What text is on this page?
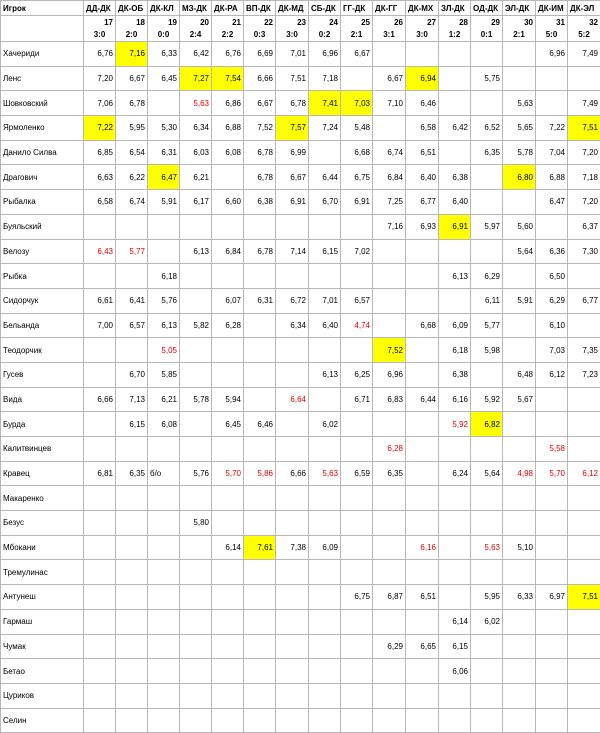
Игрок	ДД-ДК	ДК-ОБ	ДК-КЛ	МЗ-ДК	ДК-РА	ВП-ДК	ДК-МД	СБ-ДК	ГГ-ДК	ДК-ГГ	ДК-МХ	ЗЛ-ДК	ОД-ДК	ЭЛ-ДК	ДК-ИМ	ДК-ЭЛ
	17	18	19	20	21	22	23	24	25	26	27	28	29	30	31	32
	3:0	2:0	0:0	2:4	2:2	0:3	3:0	0:2	2:1	3:1	3:0	1:2	0:1	2:1	5:0	5:2
Хачериди	6,76	7,16	6,33	6,42	6,76	6,69	7,01	6,96	6,67						6,96	7,49
Ленс	7,20	6,67	6,45	7,27	7,54	6,66	7,51	7,18		6,67	6,94		5,75			
Шовковский	7,06	6,78		5,63	6,86	6,67	6,78	7,41	7,03	7,10	6,46			5,63		7,49
Ярмоленко	7,22	5,95	5,30	6,34	6,88	7,52	7,57	7,24	5,48		6,58	6,42	6,52	5,65	7,22	7,51
Данило Силва	6,85	6,54	6,31	6,03	6,08	6,78	6,99		6,68	6,74	6,51		6,35	5,78	7,04	7,20
Драгович	6,63	6,22	6,47	6,21		6,78	6,67	6,44	6,75	6,84	6,40	6,38		6,80	6,88	7,18
Рыбалка	6,58	6,74	5,91	6,17	6,60	6,38	6,91	6,70	6,91	7,25	6,77	6,40			6,47	7,20
Буяльский										7,16	6,93	6,91	5,97	5,60		6,37
Велозу	6,43	5,77		6,13	6,84	6,78	7,14	6,15	7,02					5,64	6,36	7,30
Рыбка			6,18									6,13	6,29		6,50	
Сидорчук	6,61	6,41	5,76		6,07	6,31	6,72	7,01	6,57				6,11	5,91	6,29	6,77
Бельанда	7,00	6,57	6,13	5,82	6,28		6,34	6,40	4,74		6,68	6,09	5,77		6,10	
Теодорчик			5,05							7,52		6,18	5,98		7,03	7,35
Гусев		6,70	5,85					6,13	6,25	6,96		6,38		6,48	6,12	7,23
Вида	6,66	7,13	6,21	5,78	5,94		6,64		6,71	6,83	6,44	6,16	5,92	5,67		
Бурда		6,15	6,08		6,45	6,46		6,02				5,92	6,82			
Калитвинцев										6,28					5,58	
Кравец	6,81	6,35	б/о	5,76	5,70	5,86	6,66	5,63	6,59	6,35		6,24	5,64	4,98	5,70	6,12
Макаренко																
Безус				5,80												
Мбокани					6,14	7,61	7,38	6,09			6,16		5,63	5,10		
Тремулинас																
Антунеш									6,75	6,87	6,51		5,95	6,33	6,97	7,51
Гармаш												6,14	6,02			
Чумак										6,29	6,65	6,15				
Бетао												6,06				
Цуриков																
Селин																
